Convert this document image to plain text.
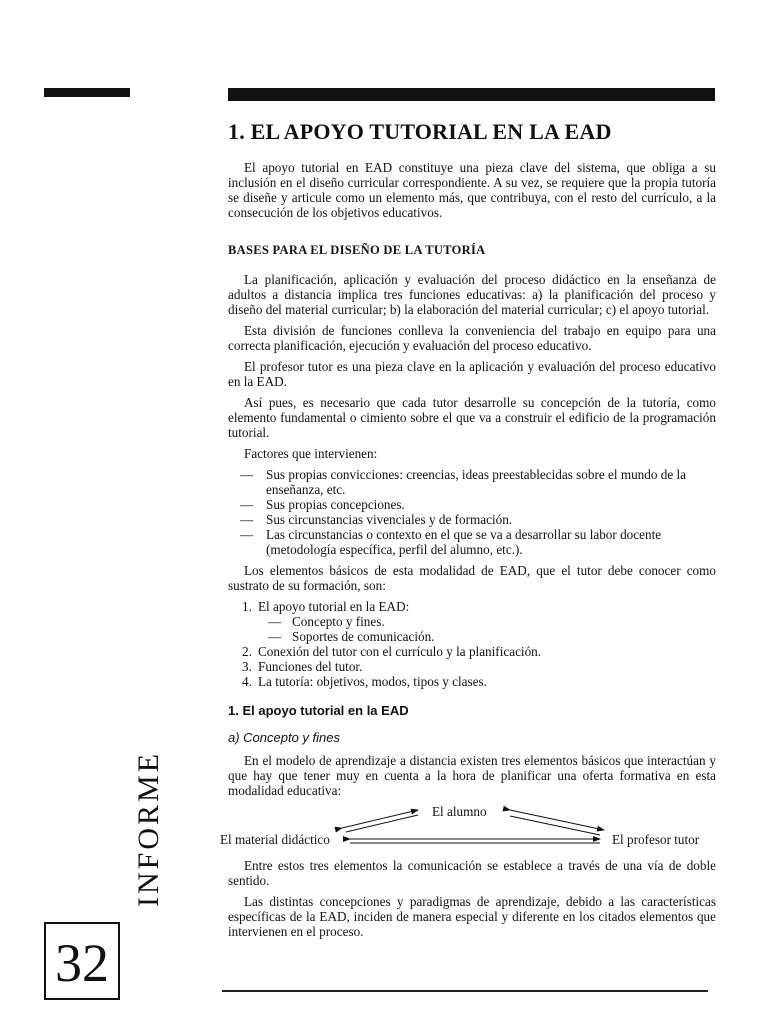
INFORME
32
1. EL APOYO TUTORIAL EN LA EAD

El apoyo tutorial en EAD constituye una pieza clave del sistema, que obliga a su inclusión en el diseño curricular correspondiente. A su vez, se requiere que la propia tutoría se diseñe y articule como un elemento más, que contribuya, con el resto del currículo, a la consecución de los objetivos educativos.

BASES PARA EL DISEÑO DE LA TUTORÍA

La planificación, aplicación y evaluación del proceso didáctico en la enseñanza de adultos a distancia implica tres funciones educativas: a) la planificación del proceso y diseño del material curricular; b) la elaboración del material curricular; c) el apoyo tutorial.

Esta división de funciones conlleva la conveniencia del trabajo en equipo para una correcta planificación, ejecución y evaluación del proceso educativo.

El profesor tutor es una pieza clave en la aplicación y evaluación del proceso educativo en la EAD.

Así pues, es necesario que cada tutor desarrolle su concepción de la tutoría, como elemento fundamental o cimiento sobre el que va a construir el edificio de la programación tutorial.

Factores que intervienen:

— Sus propias convicciones: creencias, ideas preestablecidas sobre el mundo de la enseñanza, etc.
— Sus propias concepciones.
— Sus circunstancias vivenciales y de formación.
— Las circunstancias o contexto en el que se va a desarrollar su labor docente (metodología específica, perfil del alumno, etc.).

Los elementos básicos de esta modalidad de EAD, que el tutor debe conocer como sustrato de su formación, son:

1. El apoyo tutorial en la EAD:
— Concepto y fines.
— Soportes de comunicación.
2. Conexión del tutor con el currículo y la planificación.
3. Funciones del tutor.
4. La tutoría: objetivos, modos, tipos y clases.
1. El apoyo tutorial en la EAD
a) Concepto y fines

En el modelo de aprendizaje a distancia existen tres elementos básicos que interactúan y que hay que tener muy en cuenta a la hora de planificar una oferta formativa en esta modalidad educativa:

El alumno
El material didáctico	El profesor tutor

Entre estos tres elementos la comunicación se establece a través de una vía de doble sentido.

Las distintas concepciones y paradigmas de aprendizaje, debido a las características específicas de la EAD, inciden de manera especial y diferente en los citados elementos que intervienen en el proceso.
